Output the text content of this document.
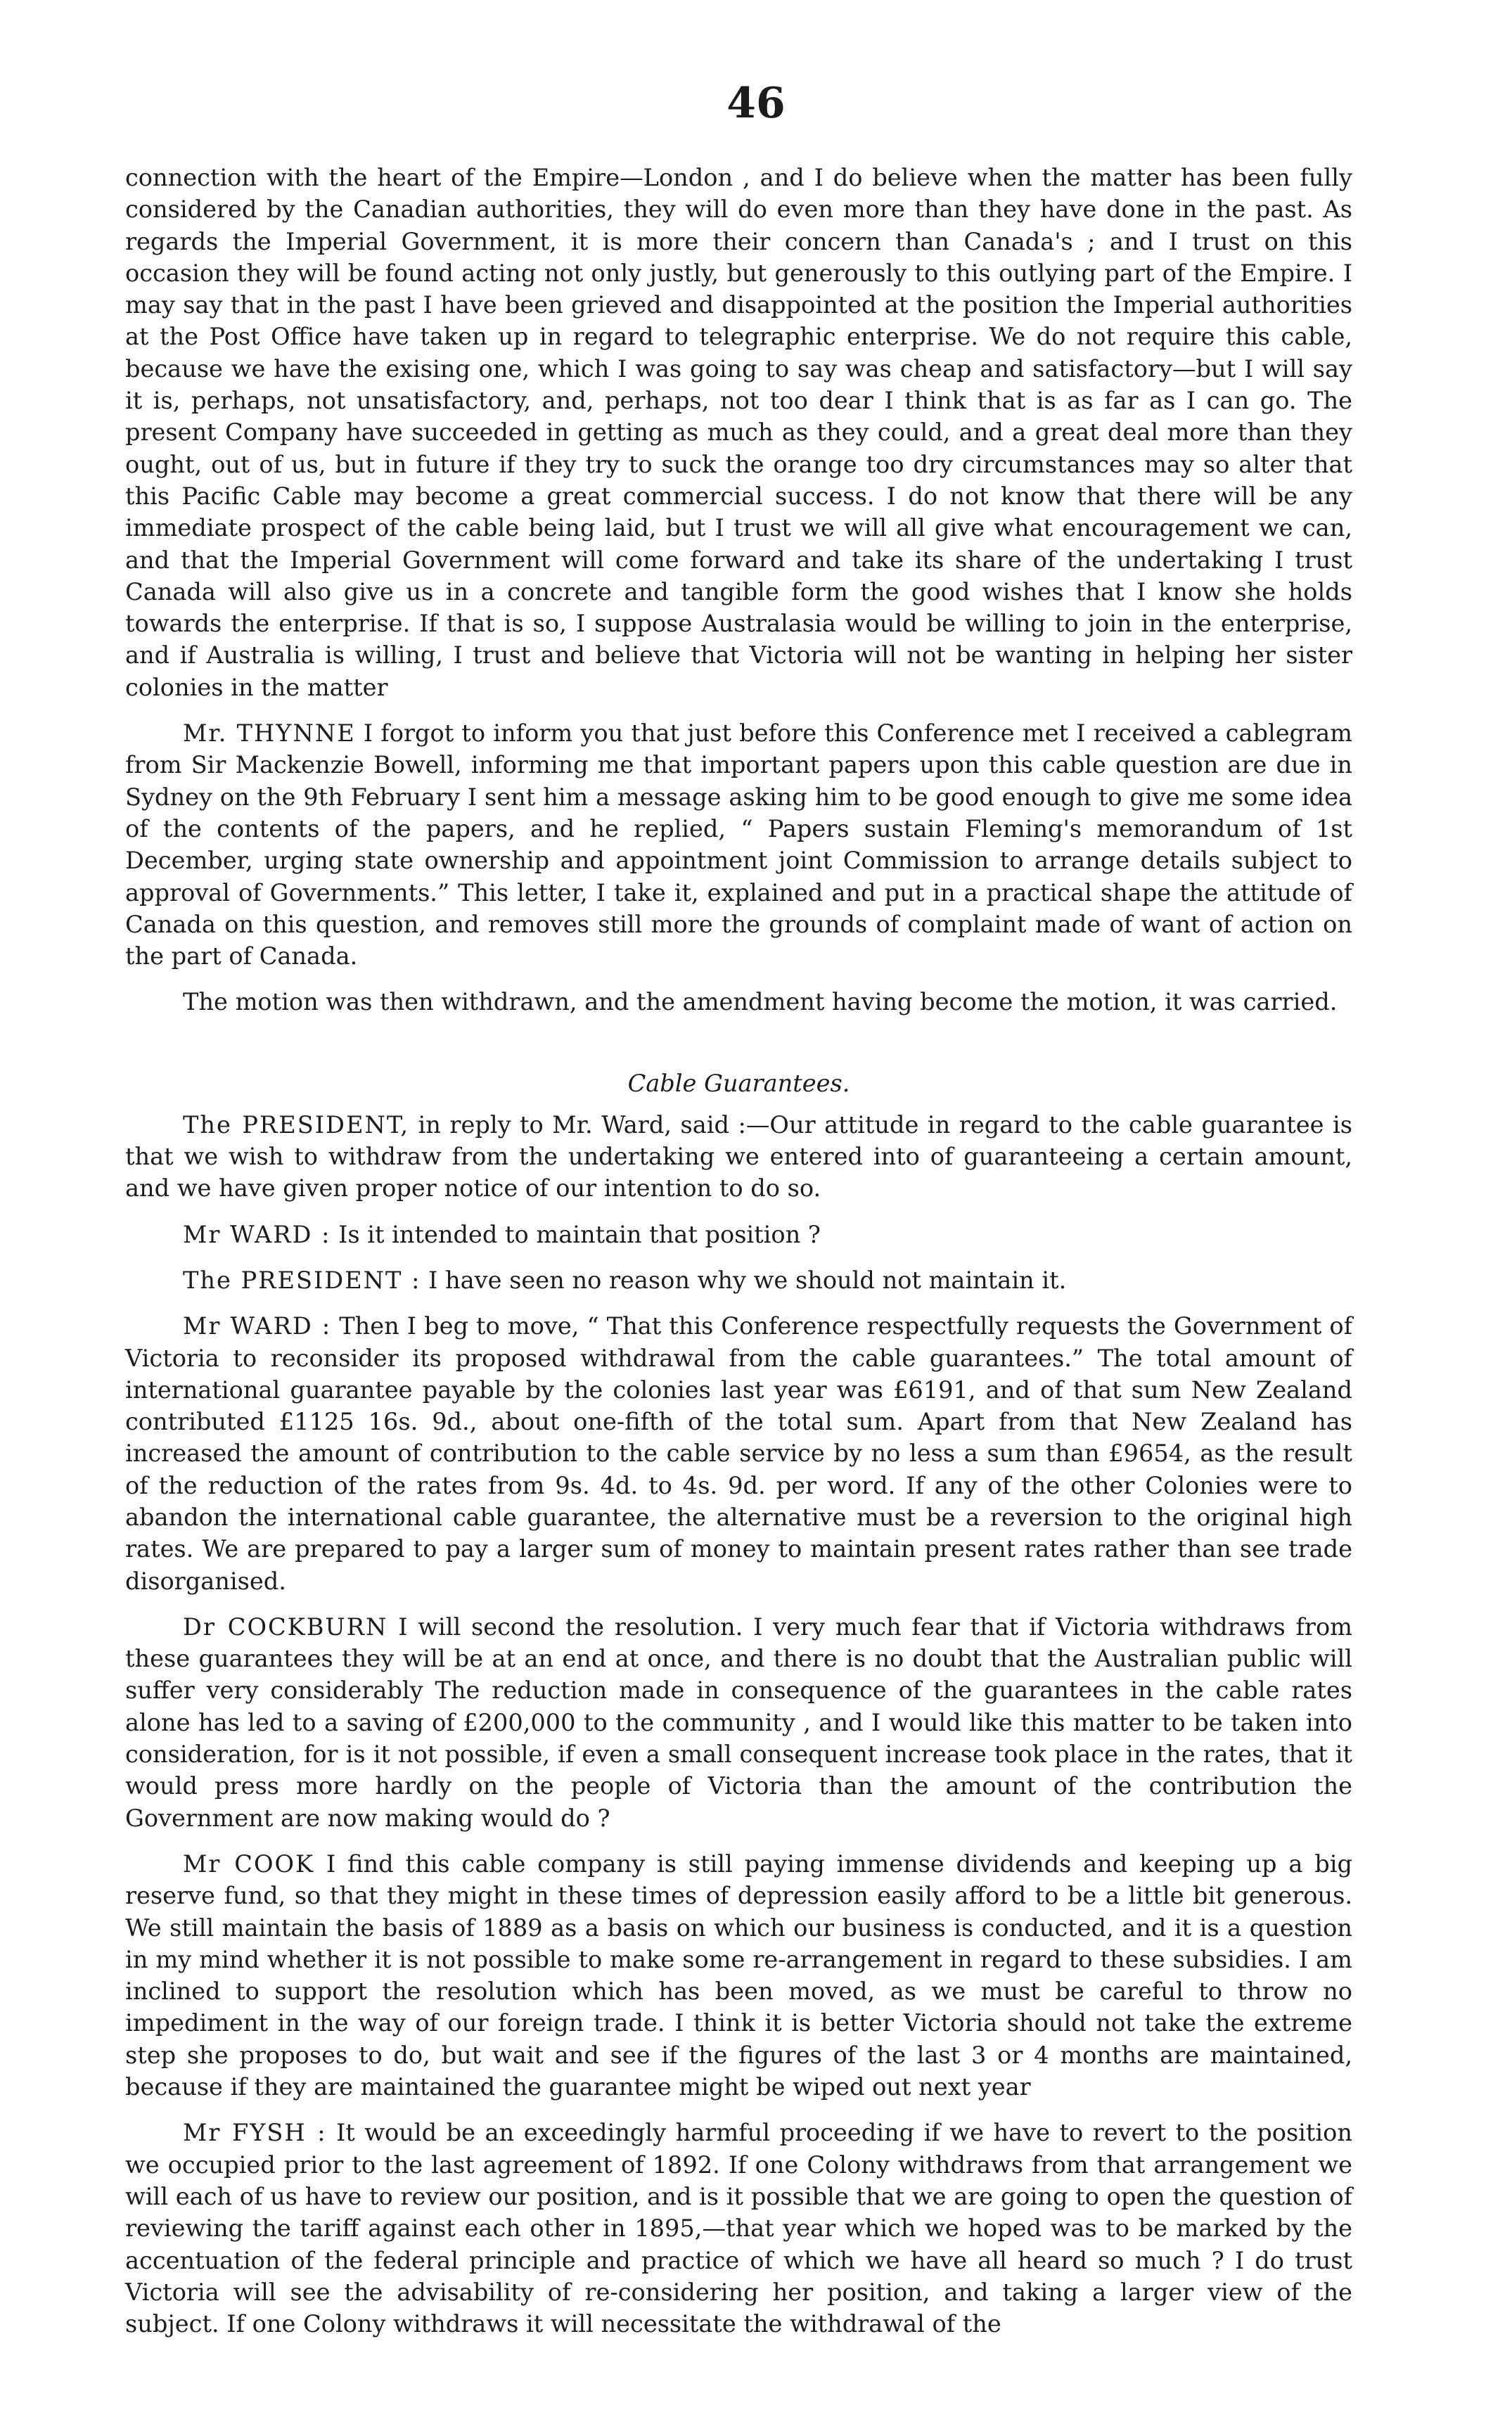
46

connection with the heart of the Empire—London , and I do believe when the matter has been fully considered by the Canadian authorities, they will do even more than they have done in the past. As regards the Imperial Government, it is more their concern than Canada's ; and I trust on this occasion they will be found acting not only justly, but generously to this outlying part of the Empire. I may say that in the past I have been grieved and disappointed at the position the Imperial authorities at the Post Office have taken up in regard to telegraphic enterprise. We do not require this cable, because we have the exising one, which I was going to say was cheap and satisfactory—but I will say it is, perhaps, not unsatisfactory, and, perhaps, not too dear I think that is as far as I can go. The present Company have succeeded in getting as much as they could, and a great deal more than they ought, out of us, but in future if they try to suck the orange too dry circumstances may so alter that this Pacific Cable may become a great commercial success. I do not know that there will be any immediate prospect of the cable being laid, but I trust we will all give what encouragement we can, and that the Imperial Government will come forward and take its share of the undertaking I trust Canada will also give us in a concrete and tangible form the good wishes that I know she holds towards the enterprise. If that is so, I suppose Australasia would be willing to join in the enterprise, and if Australia is willing, I trust and believe that Victoria will not be wanting in helping her sister colonies in the matter

Mr. THYNNE I forgot to inform you that just before this Conference met I received a cablegram from Sir Mackenzie Bowell, informing me that important papers upon this cable question are due in Sydney on the 9th February I sent him a message asking him to be good enough to give me some idea of the contents of the papers, and he replied, “ Papers sustain Fleming's memorandum of 1st December, urging state ownership and appointment joint Commission to arrange details subject to approval of Governments.” This letter, I take it, explained and put in a practical shape the attitude of Canada on this question, and removes still more the grounds of complaint made of want of action on the part of Canada.

The motion was then withdrawn, and the amendment having become the motion, it was carried.

Cable Guarantees.

The PRESIDENT, in reply to Mr. Ward, said :—Our attitude in regard to the cable guarantee is that we wish to withdraw from the undertaking we entered into of guaranteeing a certain amount, and we have given proper notice of our intention to do so.

Mr WARD : Is it intended to maintain that position ?

The PRESIDENT : I have seen no reason why we should not maintain it.

Mr WARD : Then I beg to move, “ That this Conference respectfully requests the Government of Victoria to reconsider its proposed withdrawal from the cable guarantees.” The total amount of international guarantee payable by the colonies last year was £6191, and of that sum New Zealand contributed £1125 16s. 9d., about one-fifth of the total sum. Apart from that New Zealand has increased the amount of contribution to the cable service by no less a sum than £9654, as the result of the reduction of the rates from 9s. 4d. to 4s. 9d. per word. If any of the other Colonies were to abandon the international cable guarantee, the alternative must be a reversion to the original high rates. We are prepared to pay a larger sum of money to maintain present rates rather than see trade disorganised.

Dr COCKBURN I will second the resolution. I very much fear that if Victoria withdraws from these guarantees they will be at an end at once, and there is no doubt that the Australian public will suffer very considerably The reduction made in consequence of the guarantees in the cable rates alone has led to a saving of £200,000 to the community , and I would like this matter to be taken into consideration, for is it not possible, if even a small consequent increase took place in the rates, that it would press more hardly on the people of Victoria than the amount of the contribution the Government are now making would do ?

Mr COOK I find this cable company is still paying immense dividends and keeping up a big reserve fund, so that they might in these times of depression easily afford to be a little bit generous. We still maintain the basis of 1889 as a basis on which our business is conducted, and it is a question in my mind whether it is not possible to make some re-arrangement in regard to these subsidies. I am inclined to support the resolution which has been moved, as we must be careful to throw no impediment in the way of our foreign trade. I think it is better Victoria should not take the extreme step she proposes to do, but wait and see if the figures of the last 3 or 4 months are maintained, because if they are maintained the guarantee might be wiped out next year

Mr FYSH : It would be an exceedingly harmful proceeding if we have to revert to the position we occupied prior to the last agreement of 1892. If one Colony withdraws from that arrangement we will each of us have to review our position, and is it possible that we are going to open the question of reviewing the tariff against each other in 1895,—that year which we hoped was to be marked by the accentuation of the federal principle and practice of which we have all heard so much ? I do trust Victoria will see the advisability of re-considering her position, and taking a larger view of the subject. If one Colony withdraws it will necessitate the withdrawal of the
